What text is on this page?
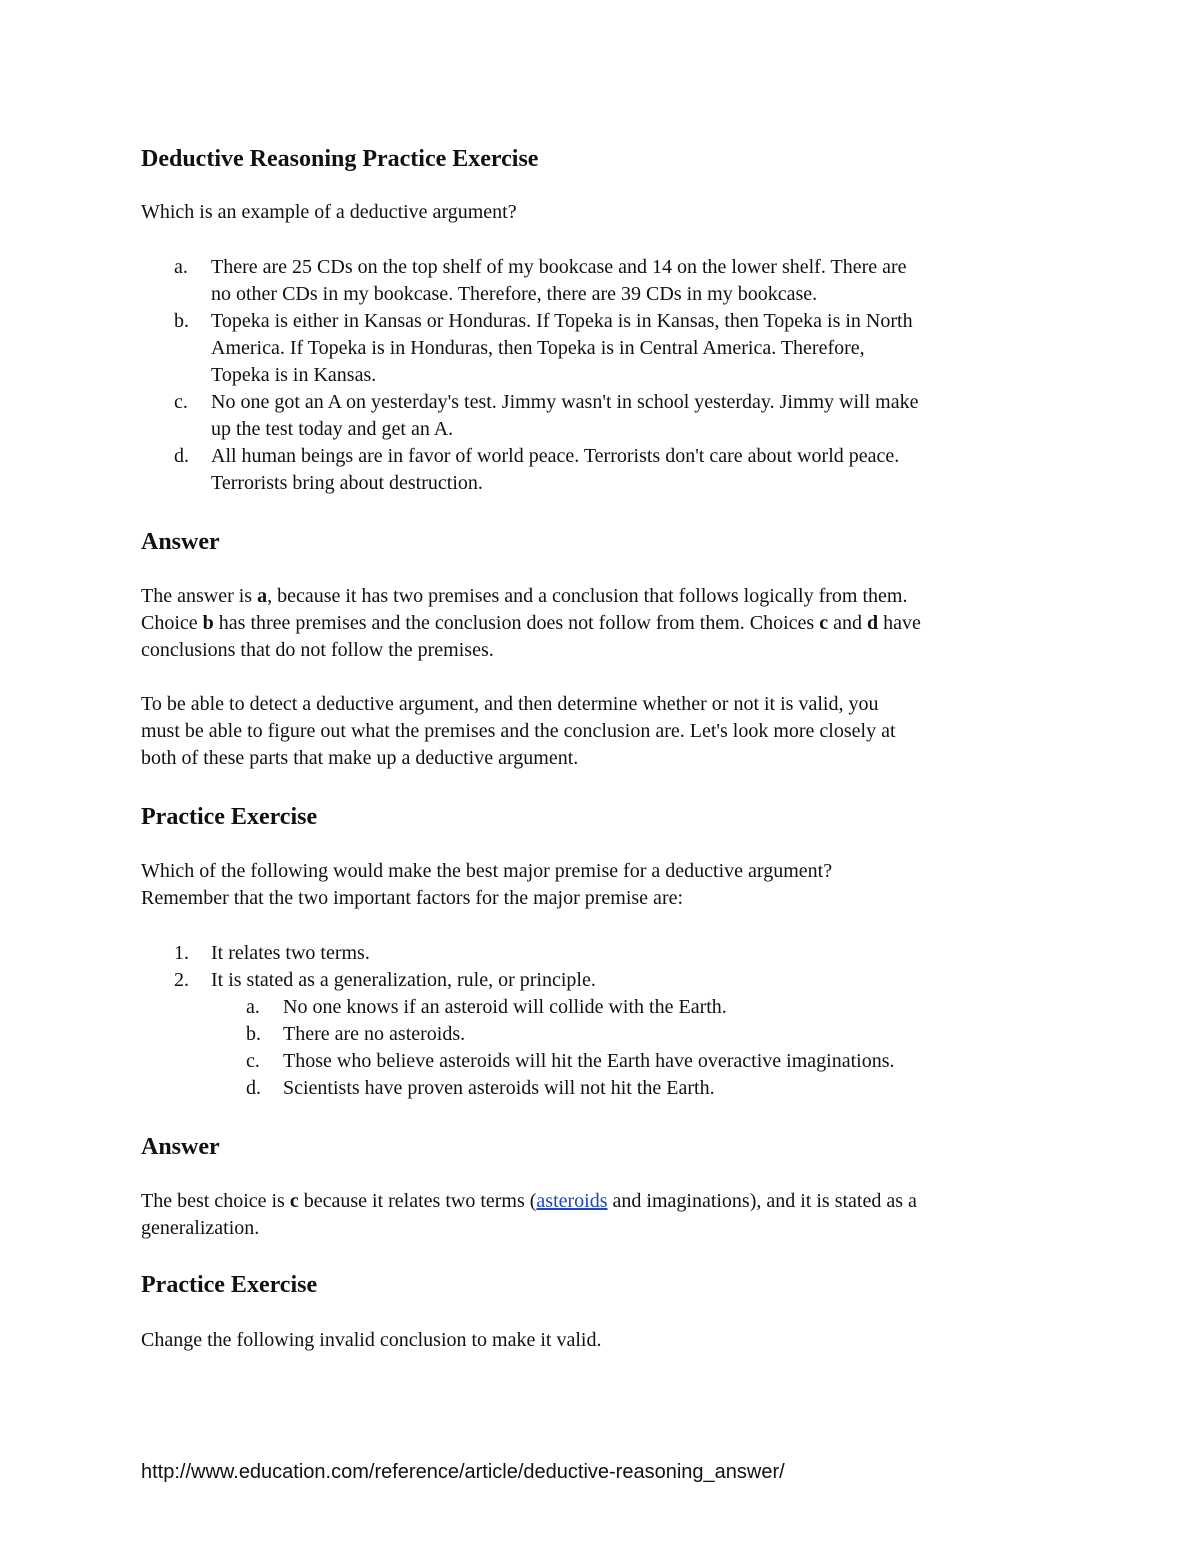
Deductive Reasoning Practice Exercise
Which is an example of a deductive argument?
a. There are 25 CDs on the top shelf of my bookcase and 14 on the lower shelf. There are
no other CDs in my bookcase. Therefore, there are 39 CDs in my bookcase.
b. Topeka is either in Kansas or Honduras. If Topeka is in Kansas, then Topeka is in North
America. If Topeka is in Honduras, then Topeka is in Central America. Therefore,
Topeka is in Kansas.
c. No one got an A on yesterday's test. Jimmy wasn't in school yesterday. Jimmy will make
up the test today and get an A.
d. All human beings are in favor of world peace. Terrorists don't care about world peace.
Terrorists bring about destruction.
Answer
The answer is a, because it has two premises and a conclusion that follows logically from them.
Choice b has three premises and the conclusion does not follow from them. Choices c and d have
conclusions that do not follow the premises.
To be able to detect a deductive argument, and then determine whether or not it is valid, you
must be able to figure out what the premises and the conclusion are. Let's look more closely at
both of these parts that make up a deductive argument.
Practice Exercise
Which of the following would make the best major premise for a deductive argument?
Remember that the two important factors for the major premise are:
1. It relates two terms.
2. It is stated as a generalization, rule, or principle.
a. No one knows if an asteroid will collide with the Earth.
b. There are no asteroids.
c. Those who believe asteroids will hit the Earth have overactive imaginations.
d. Scientists have proven asteroids will not hit the Earth.
Answer
The best choice is c because it relates two terms (asteroids and imaginations), and it is stated as a
generalization.
Practice Exercise
Change the following invalid conclusion to make it valid.
http://www.education.com/reference/article/deductive-reasoning_answer/
